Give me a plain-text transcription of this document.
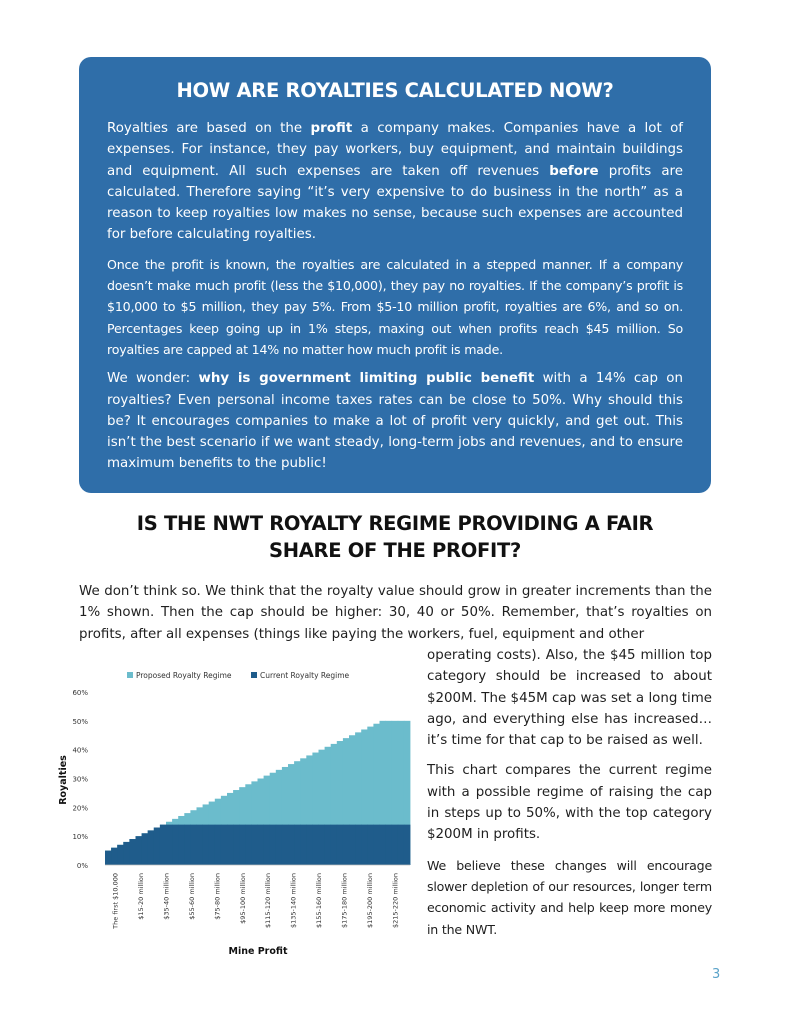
HOW ARE ROYALTIES CALCULATED NOW?

Royalties are based on the profit a company makes. Companies have a lot of expenses. For instance, they pay workers, buy equipment, and maintain buildings and equipment. All such expenses are taken off revenues before profits are calculated. Therefore saying “it’s very expensive to do business in the north” as a reason to keep royalties low makes no sense, because such expenses are accounted for before calculating royalties.

Once the profit is known, the royalties are calculated in a stepped manner. If a company doesn’t make much profit (less the $10,000), they pay no royalties. If the company’s profit is $10,000 to $5 million, they pay 5%. From $5-10 million profit, royalties are 6%, and so on. Percentages keep going up in 1% steps, maxing out when profits reach $45 million. So royalties are capped at 14% no matter how much profit is made.

We wonder: why is government limiting public benefit with a 14% cap on royalties? Even personal income taxes rates can be close to 50%. Why should this be? It encourages companies to make a lot of profit very quickly, and get out. This isn’t the best scenario if we want steady, long-term jobs and revenues, and to ensure maximum benefits to the public!

IS THE NWT ROYALTY REGIME PROVIDING A FAIR
SHARE OF THE PROFIT?

We don’t think so. We think that the royalty value should grow in greater increments than the 1% shown. Then the cap should be higher: 30, 40 or 50%. Remember, that’s royalties on profits, after all expenses (things like paying the workers, fuel, equipment and other

0%
10%
20%
30%
40%
50%
60%
The first $10,000	$15-20 million	$35-40 million	$55-60 million	$75-80 million	$95-100 million	$115-120 million	$135-140 million	$155-160 million	$175-180 million	$195-200 million	$215-220 million
Proposed Royalty Regime	Current Royalty Regime
Royalties
Mine Profit

operating costs). Also, the $45 million top category should be increased to about $200M. The $45M cap was set a long time ago, and everything else has increased… it’s time for that cap to be raised as well.

This chart compares the current regime with a possible regime of raising the cap in steps up to 50%, with the top category $200M in profits.

We believe these changes will encourage slower depletion of our resources, longer term economic activity and help keep more money in the NWT.

3
